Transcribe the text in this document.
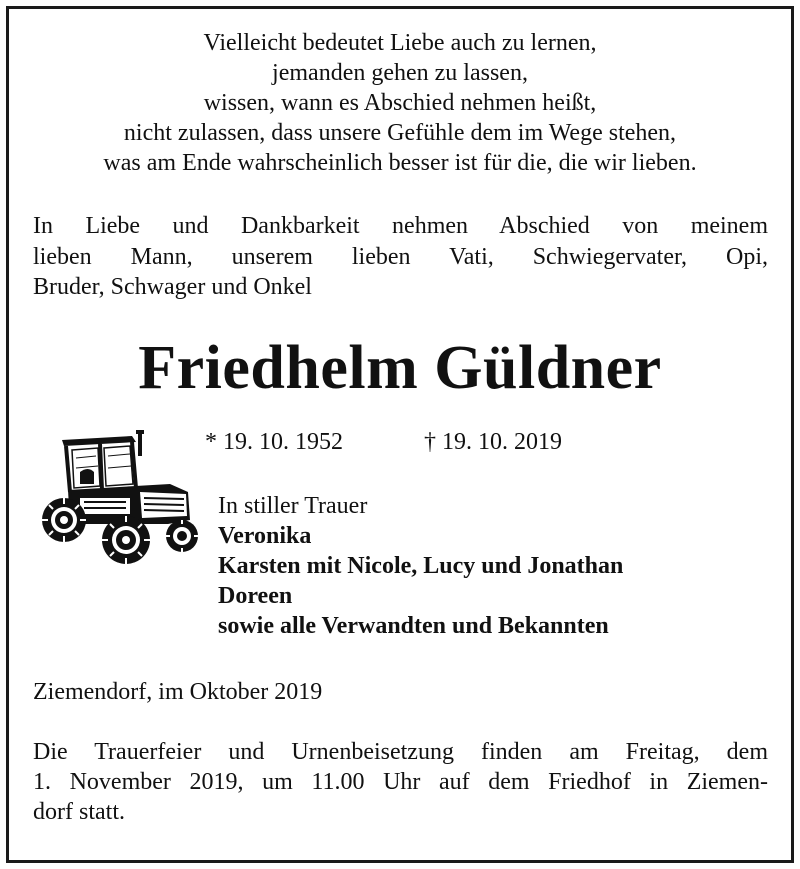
Vielleicht bedeutet Liebe auch zu lernen,
jemanden gehen zu lassen,
wissen, wann es Abschied nehmen heißt,
nicht zulassen, dass unsere Gefühle dem im Wege stehen,
was am Ende wahrscheinlich besser ist für die, die wir lieben.
In Liebe und Dankbarkeit nehmen Abschied von meinem
lieben Mann, unserem lieben Vati, Schwiegervater, Opi,
Bruder, Schwager und Onkel
Friedhelm Güldner
* 19. 10. 1952	† 19. 10. 2019
In stiller Trauer
Veronika
Karsten mit Nicole, Lucy und Jonathan
Doreen
sowie alle Verwandten und Bekannten
Ziemendorf, im Oktober 2019
Die Trauerfeier und Urnenbeisetzung finden am Freitag, dem
1. November 2019, um 11.00 Uhr auf dem Friedhof in Ziemen-
dorf statt.
